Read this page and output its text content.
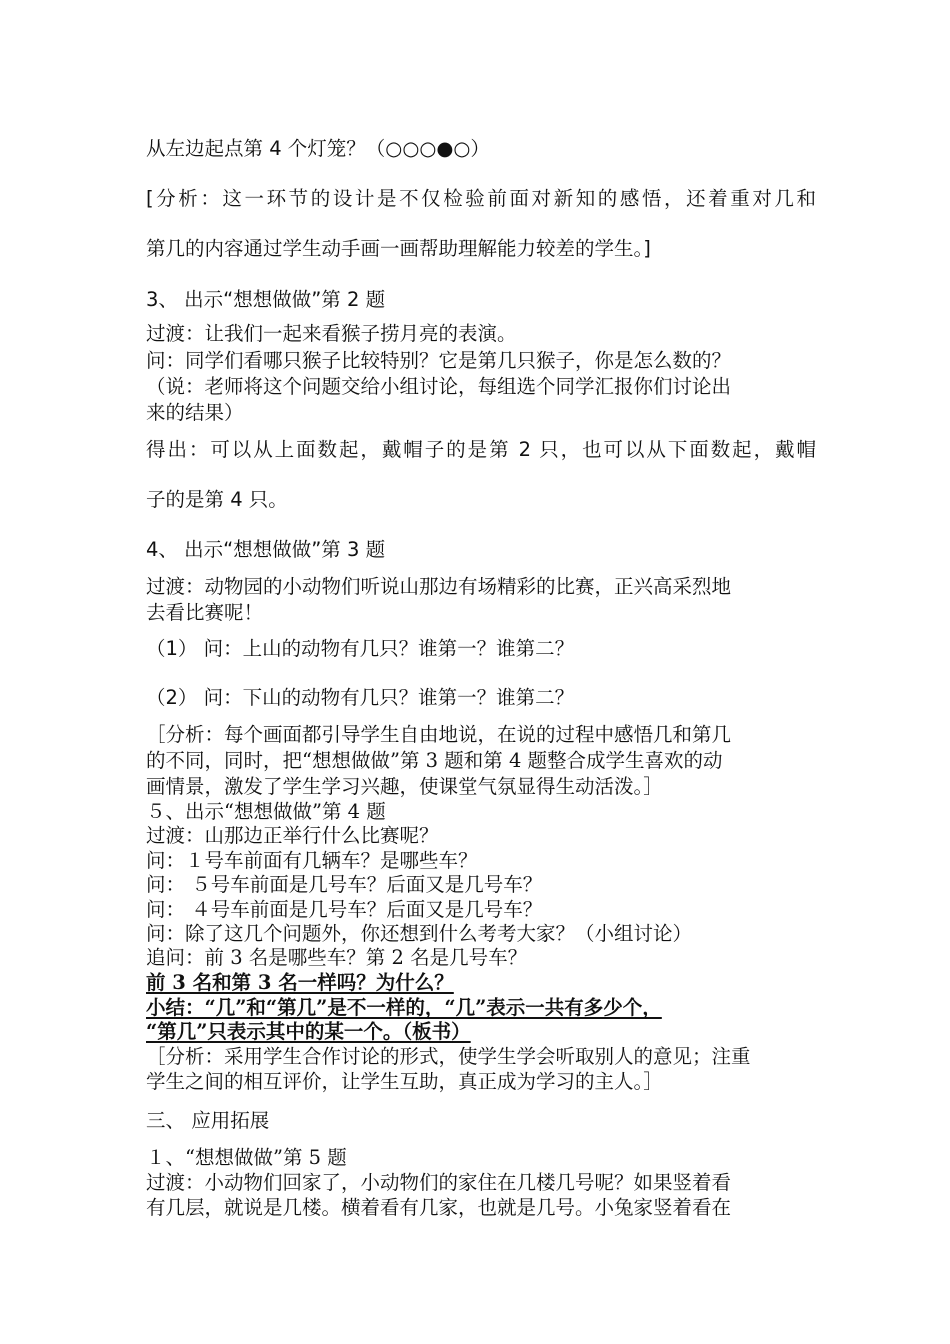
从左边起点第 4 个灯笼？（○○○●○）
[分析：这一环节的设计是不仅检验前面对新知的感悟，还着重对几和
第几的内容通过学生动手画一画帮助理解能力较差的学生。]
3、 出示“想想做做”第 2 题
过渡：让我们一起来看猴子捞月亮的表演。
问：同学们看哪只猴子比较特别？它是第几只猴子，你是怎么数的？
（说：老师将这个问题交给小组讨论，每组选个同学汇报你们讨论出
来的结果）
得出：可以从上面数起，戴帽子的是第 2 只，也可以从下面数起，戴帽
子的是第 4 只。
4、 出示“想想做做”第 3 题
过渡：动物园的小动物们听说山那边有场精彩的比赛，正兴高采烈地
去看比赛呢！
（1） 问：上山的动物有几只？谁第一？谁第二？
（2） 问：下山的动物有几只？谁第一？谁第二？
［分析：每个画面都引导学生自由地说，在说的过程中感悟几和第几
的不同，同时，把“想想做做”第 3 题和第 4 题整合成学生喜欢的动
画情景，激发了学生学习兴趣，使课堂气氛显得生动活泼。］
５、出示“想想做做”第 4 题
过渡：山那边正举行什么比赛呢？
问：１号车前面有几辆车？是哪些车？
问： ５号车前面是几号车？后面又是几号车？
问： ４号车前面是几号车？后面又是几号车？
问：除了这几个问题外，你还想到什么考考大家？（小组讨论）
追问：前 3 名是哪些车？第 2 名是几号车？
前 3 名和第 3 名一样吗？为什么？
小结：“几”和“第几”是不一样的，“几”表示一共有多少个，
“第几”只表示其中的某一个。（板书）
［分析：采用学生合作讨论的形式，使学生学会听取别人的意见；注重
学生之间的相互评价，让学生互助，真正成为学习的主人。］
三、 应用拓展
１、“想想做做”第 5 题
过渡：小动物们回家了，小动物们的家住在几楼几号呢？如果竖着看
有几层，就说是几楼。横着看有几家，也就是几号。小兔家竖着看在
